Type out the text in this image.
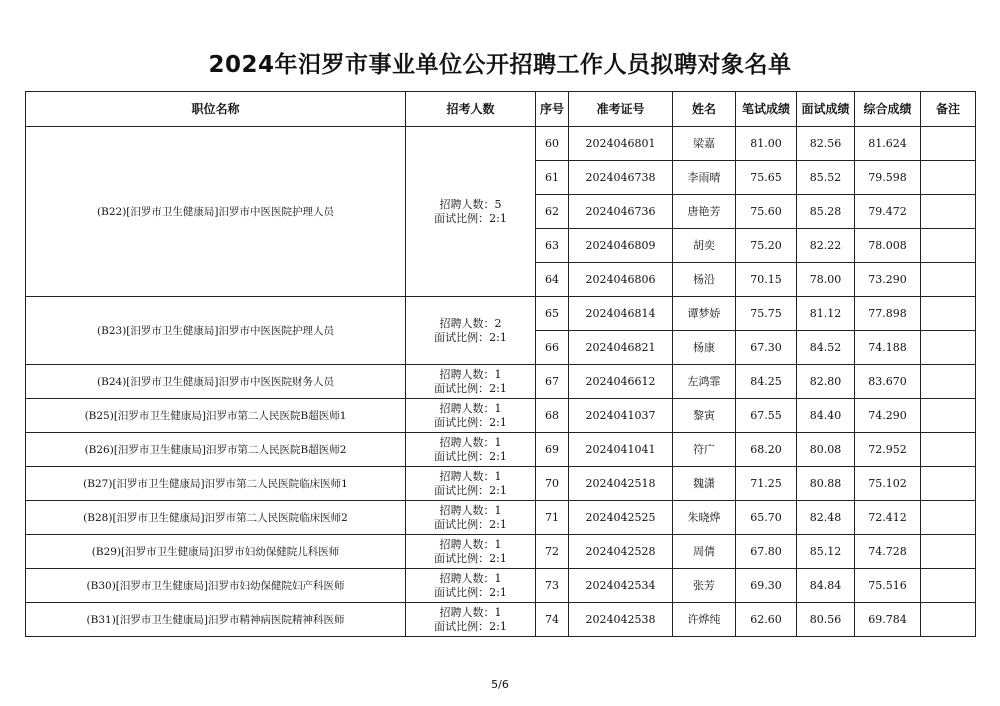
2024年汨罗市事业单位公开招聘工作人员拟聘对象名单
职位名称	招考人数	序号	准考证号	姓名	笔试成绩	面试成绩	综合成绩	备注
(B22)[汨罗市卫生健康局]汨罗市中医医院护理人员	招聘人数：5
面试比例：2:1	60	2024046801	梁嘉	81.00	82.56	81.624	
		61	2024046738	李雨晴	75.65	85.52	79.598	
		62	2024046736	唐艳芳	75.60	85.28	79.472	
		63	2024046809	胡奕	75.20	82.22	78.008	
		64	2024046806	杨沿	70.15	78.00	73.290	
(B23)[汨罗市卫生健康局]汨罗市中医医院护理人员	招聘人数：2
面试比例：2:1	65	2024046814	谭梦娇	75.75	81.12	77.898	
		66	2024046821	杨康	67.30	84.52	74.188	
(B24)[汨罗市卫生健康局]汨罗市中医医院财务人员	招聘人数：1
面试比例：2:1	67	2024046612	左鸿霏	84.25	82.80	83.670	
(B25)[汨罗市卫生健康局]汨罗市第二人民医院B超医师1	招聘人数：1
面试比例：2:1	68	2024041037	黎寅	67.55	84.40	74.290	
(B26)[汨罗市卫生健康局]汨罗市第二人民医院B超医师2	招聘人数：1
面试比例：2:1	69	2024041041	符广	68.20	80.08	72.952	
(B27)[汨罗市卫生健康局]汨罗市第二人民医院临床医师1	招聘人数：1
面试比例：2:1	70	2024042518	魏潇	71.25	80.88	75.102	
(B28)[汨罗市卫生健康局]汨罗市第二人民医院临床医师2	招聘人数：1
面试比例：2:1	71	2024042525	朱晓烨	65.70	82.48	72.412	
(B29)[汨罗市卫生健康局]汨罗市妇幼保健院儿科医师	招聘人数：1
面试比例：2:1	72	2024042528	周倩	67.80	85.12	74.728	
(B30)[汨罗市卫生健康局]汨罗市妇幼保健院妇产科医师	招聘人数：1
面试比例：2:1	73	2024042534	张芳	69.30	84.84	75.516	
(B31)[汨罗市卫生健康局]汨罗市精神病医院精神科医师	招聘人数：1
面试比例：2:1	74	2024042538	许烨纯	62.60	80.56	69.784	
5/6
